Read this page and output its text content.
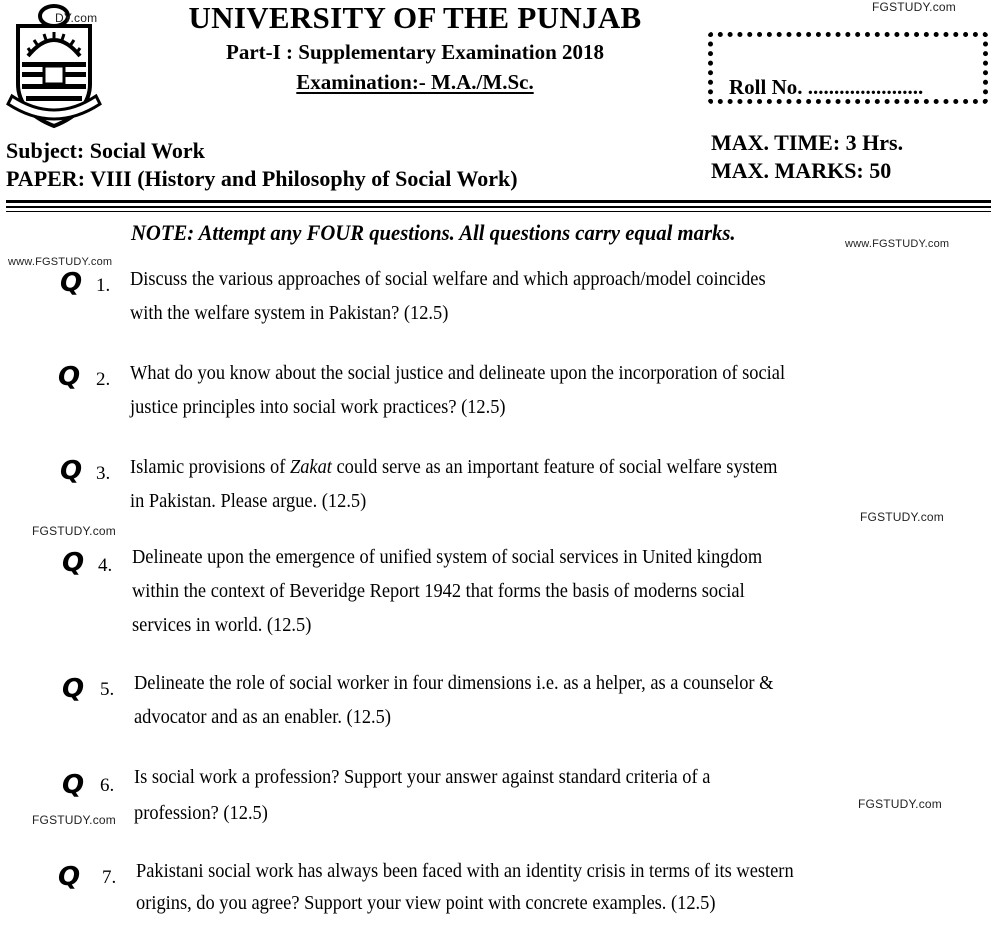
DY.com
FGSTUDY.com
UNIVERSITY OF THE PUNJAB
Part-I : Supplementary Examination 2018
Examination:- M.A./M.Sc.	Roll No. ......................
Subject: Social Work
PAPER: VIII (History and Philosophy of Social Work)
MAX. TIME: 3 Hrs.
MAX. MARKS: 50
NOTE: Attempt any FOUR questions. All questions carry equal marks.	www.FGSTUDY.com
www.FGSTUDY.com
Q 1. Discuss the various approaches of social welfare and which approach/model coincides
with the welfare system in Pakistan? (12.5)
Q 2. What do you know about the social justice and delineate upon the incorporation of social
justice principles into social work practices? (12.5)
Q 3. Islamic provisions of Zakat could serve as an important feature of social welfare system
in Pakistan. Please argue. (12.5)
FGSTUDY.com
FGSTUDY.com
Q 4. Delineate upon the emergence of unified system of social services in United kingdom
within the context of Beveridge Report 1942 that forms the basis of moderns social
services in world. (12.5)
Q 5. Delineate the role of social worker in four dimensions i.e. as a helper, as a counselor &
advocator and as an enabler. (12.5)
Q 6. Is social work a profession? Support your answer against standard criteria of a
profession? (12.5)	FGSTUDY.com
FGSTUDY.com
Q 7. Pakistani social work has always been faced with an identity crisis in terms of its western
origins, do you agree? Support your view point with concrete examples. (12.5)
